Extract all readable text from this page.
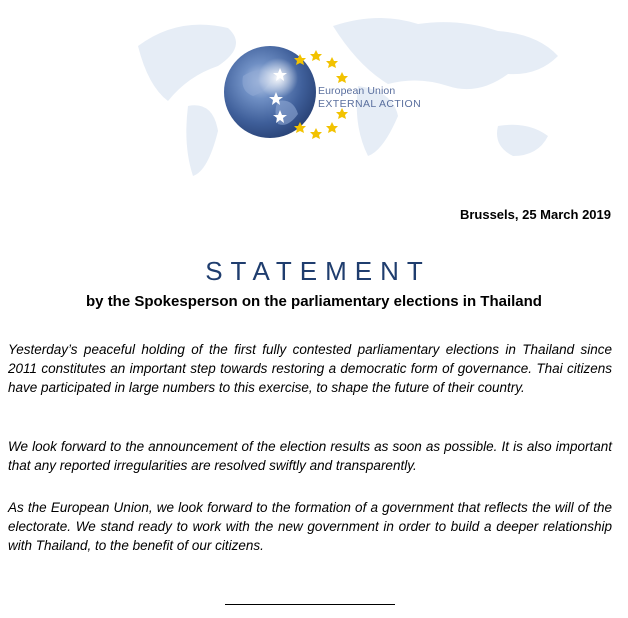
European Union
EXTERNAL ACTION
Brussels, 25 March 2019
STATEMENT
by the Spokesperson on the parliamentary elections in Thailand

Yesterday’s peaceful holding of the first fully contested parliamentary elections in Thailand since 2011 constitutes an important step towards restoring a democratic form of governance. Thai citizens have participated in large numbers to this exercise, to shape the future of their country.

We look forward to the announcement of the election results as soon as possible. It is also important that any reported irregularities are resolved swiftly and transparently.

As the European Union, we look forward to the formation of a government that reflects the will of the electorate. We stand ready to work with the new government in order to build a deeper relationship with Thailand, to the benefit of our citizens.
